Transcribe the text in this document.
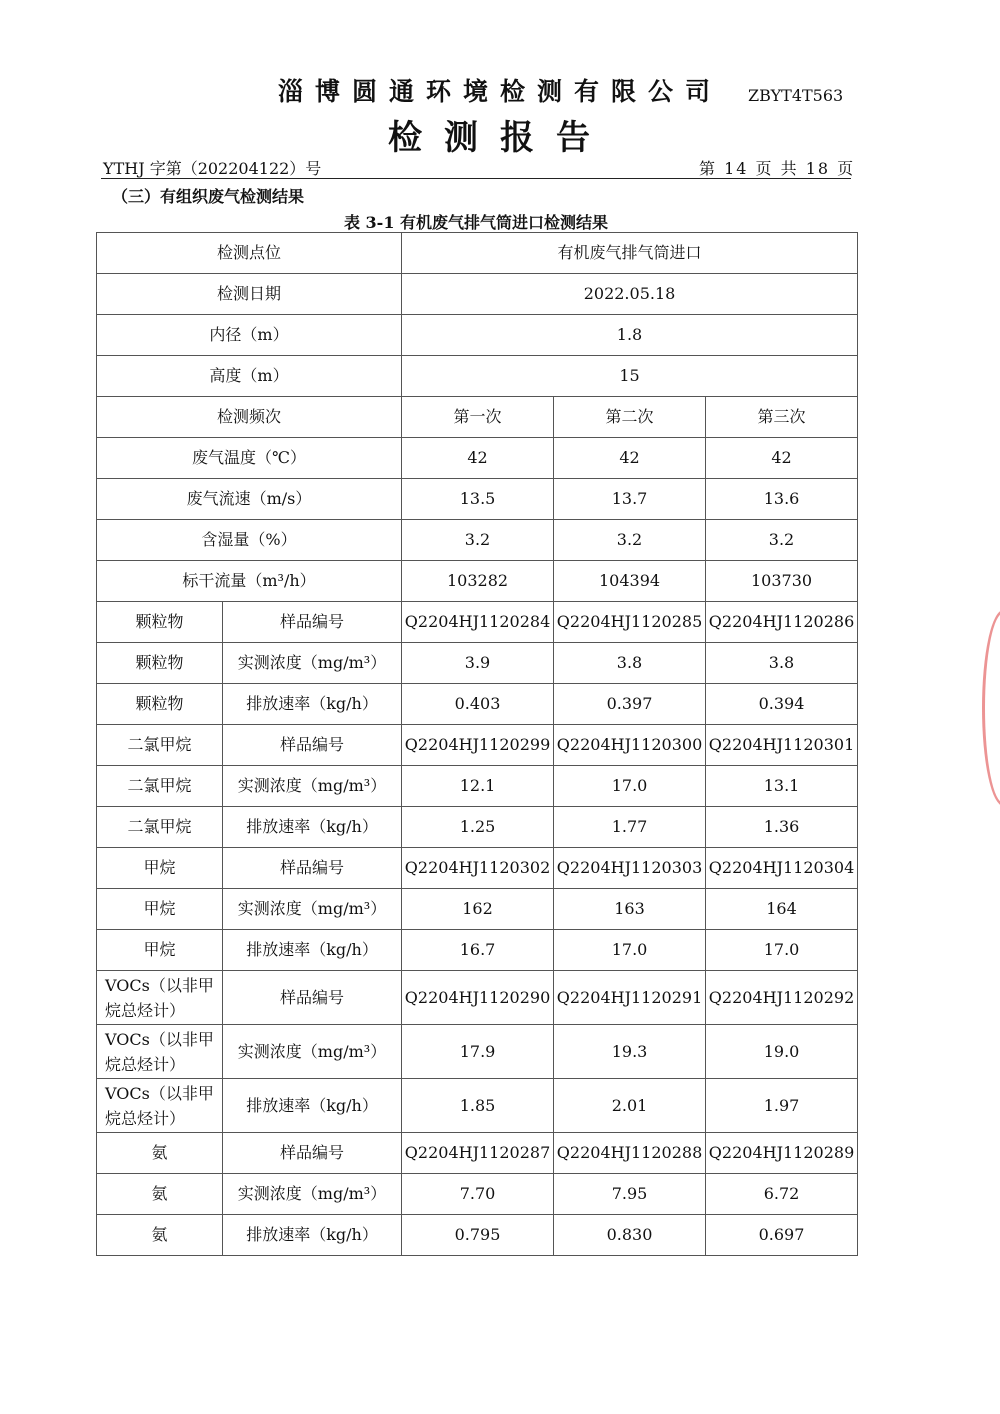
淄博圆通环境检测有限公司	ZBYT4T563
检测报告
YTHJ 字第（202204122）号	第 14 页 共 18 页
（三）有组织废气检测结果
表 3-1 有机废气排气筒进口检测结果
检测点位		有机废气排气筒进口		
检测日期		2022.05.18		
内径（m）		1.8		
高度（m）		15		
检测频次		第一次	第二次	第三次
废气温度（℃）		42	42	42
废气流速（m/s）		13.5	13.7	13.6
含湿量（%）		3.2	3.2	3.2
标干流量（m³/h）		103282	104394	103730
颗粒物	样品编号	Q2204HJ1120284	Q2204HJ1120285	Q2204HJ1120286
颗粒物	实测浓度（mg/m³）	3.9	3.8	3.8
颗粒物	排放速率（kg/h）	0.403	0.397	0.394
二氯甲烷	样品编号	Q2204HJ1120299	Q2204HJ1120300	Q2204HJ1120301
二氯甲烷	实测浓度（mg/m³）	12.1	17.0	13.1
二氯甲烷	排放速率（kg/h）	1.25	1.77	1.36
甲烷	样品编号	Q2204HJ1120302	Q2204HJ1120303	Q2204HJ1120304
甲烷	实测浓度（mg/m³）	162	163	164
甲烷	排放速率（kg/h）	16.7	17.0	17.0
VOCs（以非甲烷总烃计）	样品编号	Q2204HJ1120290	Q2204HJ1120291	Q2204HJ1120292
VOCs（以非甲烷总烃计）	实测浓度（mg/m³）	17.9	19.3	19.0
VOCs（以非甲烷总烃计）	排放速率（kg/h）	1.85	2.01	1.97
氨	样品编号	Q2204HJ1120287	Q2204HJ1120288	Q2204HJ1120289
氨	实测浓度（mg/m³）	7.70	7.95	6.72
氨	排放速率（kg/h）	0.795	0.830	0.697
